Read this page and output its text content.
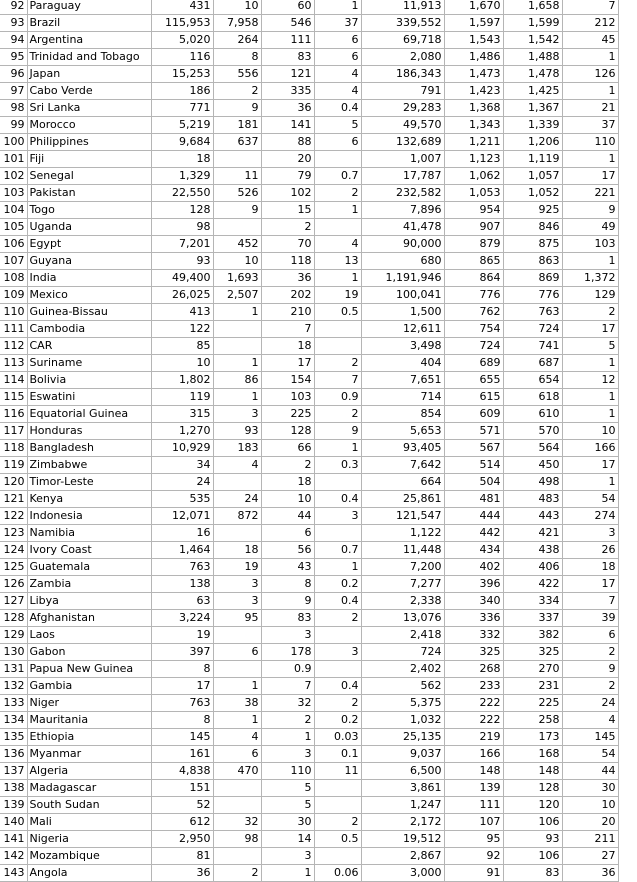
92	Paraguay	431	10	60	1	11,913	1,670	1,658	7
93	Brazil	115,953	7,958	546	37	339,552	1,597	1,599	212
94	Argentina	5,020	264	111	6	69,718	1,543	1,542	45
95	Trinidad and Tobago	116	8	83	6	2,080	1,486	1,488	1
96	Japan	15,253	556	121	4	186,343	1,473	1,478	126
97	Cabo Verde	186	2	335	4	791	1,423	1,425	1
98	Sri Lanka	771	9	36	0.4	29,283	1,368	1,367	21
99	Morocco	5,219	181	141	5	49,570	1,343	1,339	37
100	Philippines	9,684	637	88	6	132,689	1,211	1,206	110
101	Fiji	18		20		1,007	1,123	1,119	1
102	Senegal	1,329	11	79	0.7	17,787	1,062	1,057	17
103	Pakistan	22,550	526	102	2	232,582	1,053	1,052	221
104	Togo	128	9	15	1	7,896	954	925	9
105	Uganda	98		2		41,478	907	846	49
106	Egypt	7,201	452	70	4	90,000	879	875	103
107	Guyana	93	10	118	13	680	865	863	1
108	India	49,400	1,693	36	1	1,191,946	864	869	1,372
109	Mexico	26,025	2,507	202	19	100,041	776	776	129
110	Guinea-Bissau	413	1	210	0.5	1,500	762	763	2
111	Cambodia	122		7		12,611	754	724	17
112	CAR	85		18		3,498	724	741	5
113	Suriname	10	1	17	2	404	689	687	1
114	Bolivia	1,802	86	154	7	7,651	655	654	12
115	Eswatini	119	1	103	0.9	714	615	618	1
116	Equatorial Guinea	315	3	225	2	854	609	610	1
117	Honduras	1,270	93	128	9	5,653	571	570	10
118	Bangladesh	10,929	183	66	1	93,405	567	564	166
119	Zimbabwe	34	4	2	0.3	7,642	514	450	17
120	Timor-Leste	24		18		664	504	498	1
121	Kenya	535	24	10	0.4	25,861	481	483	54
122	Indonesia	12,071	872	44	3	121,547	444	443	274
123	Namibia	16		6		1,122	442	421	3
124	Ivory Coast	1,464	18	56	0.7	11,448	434	438	26
125	Guatemala	763	19	43	1	7,200	402	406	18
126	Zambia	138	3	8	0.2	7,277	396	422	17
127	Libya	63	3	9	0.4	2,338	340	334	7
128	Afghanistan	3,224	95	83	2	13,076	336	337	39
129	Laos	19		3		2,418	332	382	6
130	Gabon	397	6	178	3	724	325	325	2
131	Papua New Guinea	8		0.9		2,402	268	270	9
132	Gambia	17	1	7	0.4	562	233	231	2
133	Niger	763	38	32	2	5,375	222	225	24
134	Mauritania	8	1	2	0.2	1,032	222	258	4
135	Ethiopia	145	4	1	0.03	25,135	219	173	145
136	Myanmar	161	6	3	0.1	9,037	166	168	54
137	Algeria	4,838	470	110	11	6,500	148	148	44
138	Madagascar	151		5		3,861	139	128	30
139	South Sudan	52		5		1,247	111	120	10
140	Mali	612	32	30	2	2,172	107	106	20
141	Nigeria	2,950	98	14	0.5	19,512	95	93	211
142	Mozambique	81		3		2,867	92	106	27
143	Angola	36	2	1	0.06	3,000	91	83	36
